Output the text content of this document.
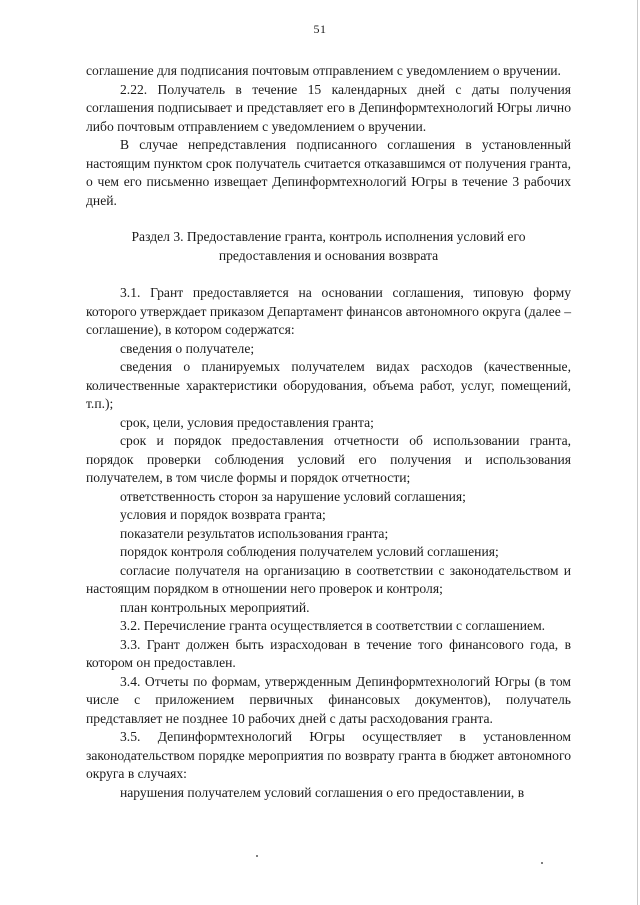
51

соглашение для подписания почтовым отправлением с уведомлением о вручении.

2.22. Получатель в течение 15 календарных дней с даты получения соглашения подписывает и представляет его в Депинформтехнологий Югры лично либо почтовым отправлением с уведомлением о вручении.

В случае непредставления подписанного соглашения в установленный настоящим пунктом срок получатель считается отказавшимся от получения гранта, о чем его письменно извещает Депинформтехнологий Югры в течение 3 рабочих дней.

Раздел 3. Предоставление гранта, контроль исполнения условий его предоставления и основания возврата

3.1. Грант предоставляется на основании соглашения, типовую форму которого утверждает приказом Департамент финансов автономного округа (далее – соглашение), в котором содержатся:

сведения о получателе;

сведения о планируемых получателем видах расходов (качественные, количественные характеристики оборудования, объема работ, услуг, помещений, т.п.);

срок, цели, условия предоставления гранта;

срок и порядок предоставления отчетности об использовании гранта, порядок проверки соблюдения условий его получения и использования получателем, в том числе формы и порядок отчетности;

ответственность сторон за нарушение условий соглашения;

условия и порядок возврата гранта;

показатели результатов использования гранта;

порядок контроля соблюдения получателем условий соглашения;

согласие получателя на организацию в соответствии с законодательством и настоящим порядком в отношении него проверок и контроля;

план контрольных мероприятий.

3.2. Перечисление гранта осуществляется в соответствии с соглашением.

3.3. Грант должен быть израсходован в течение того финансового года, в котором он предоставлен.

3.4. Отчеты по формам, утвержденным Депинформтехнологий Югры (в том числе с приложением первичных финансовых документов), получатель представляет не позднее 10 рабочих дней с даты расходования гранта.

3.5. Депинформтехнологий Югры осуществляет в установленном законодательством порядке мероприятия по возврату гранта в бюджет автономного округа в случаях:

нарушения получателем условий соглашения о его предоставлении, в
